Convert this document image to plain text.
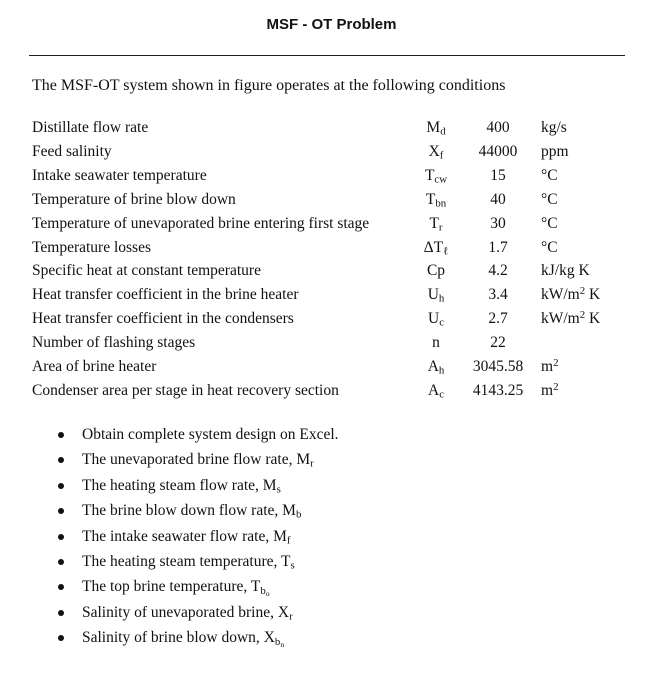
MSF - OT Problem
The MSF-OT system shown in figure operates at the following conditions
Distillate flow rate	$M_d$	400	kg/s
Feed salinity	$X_f$	44000	ppm
Intake seawater temperature	$T_{cw}$	15	°C
Temperature of brine blow down	$T_{bn}$	40	°C
Temperature of unevaporated brine entering first stage	$T_r$	30	°C
Temperature losses	$\Delta T_\ell$	1.7	°C
Specific heat at constant temperature	Cp	4.2	kJ/kg K
Heat transfer coefficient in the brine heater	$U_h$	3.4	$kW/m^2$ K
Heat transfer coefficient in the condensers	$U_c$	2.7	$kW/m^2$ K
Number of flashing stages	n	22
Area of brine heater	$A_h$	3045.58	$m^2$
Condenser area per stage in heat recovery section	$A_c$	4143.25	$m^2$
Obtain complete system design on Excel.
The unevaporated brine flow rate, $M_r$
The heating steam flow rate, $M_s$
The brine blow down flow rate, $M_b$
The intake seawater flow rate, $M_f$
The heating steam temperature, $T_s$
The top brine temperature, $T_{b_o}$
Salinity of unevaporated brine, $X_r$
Salinity of brine blow down, $X_{b_n}$
